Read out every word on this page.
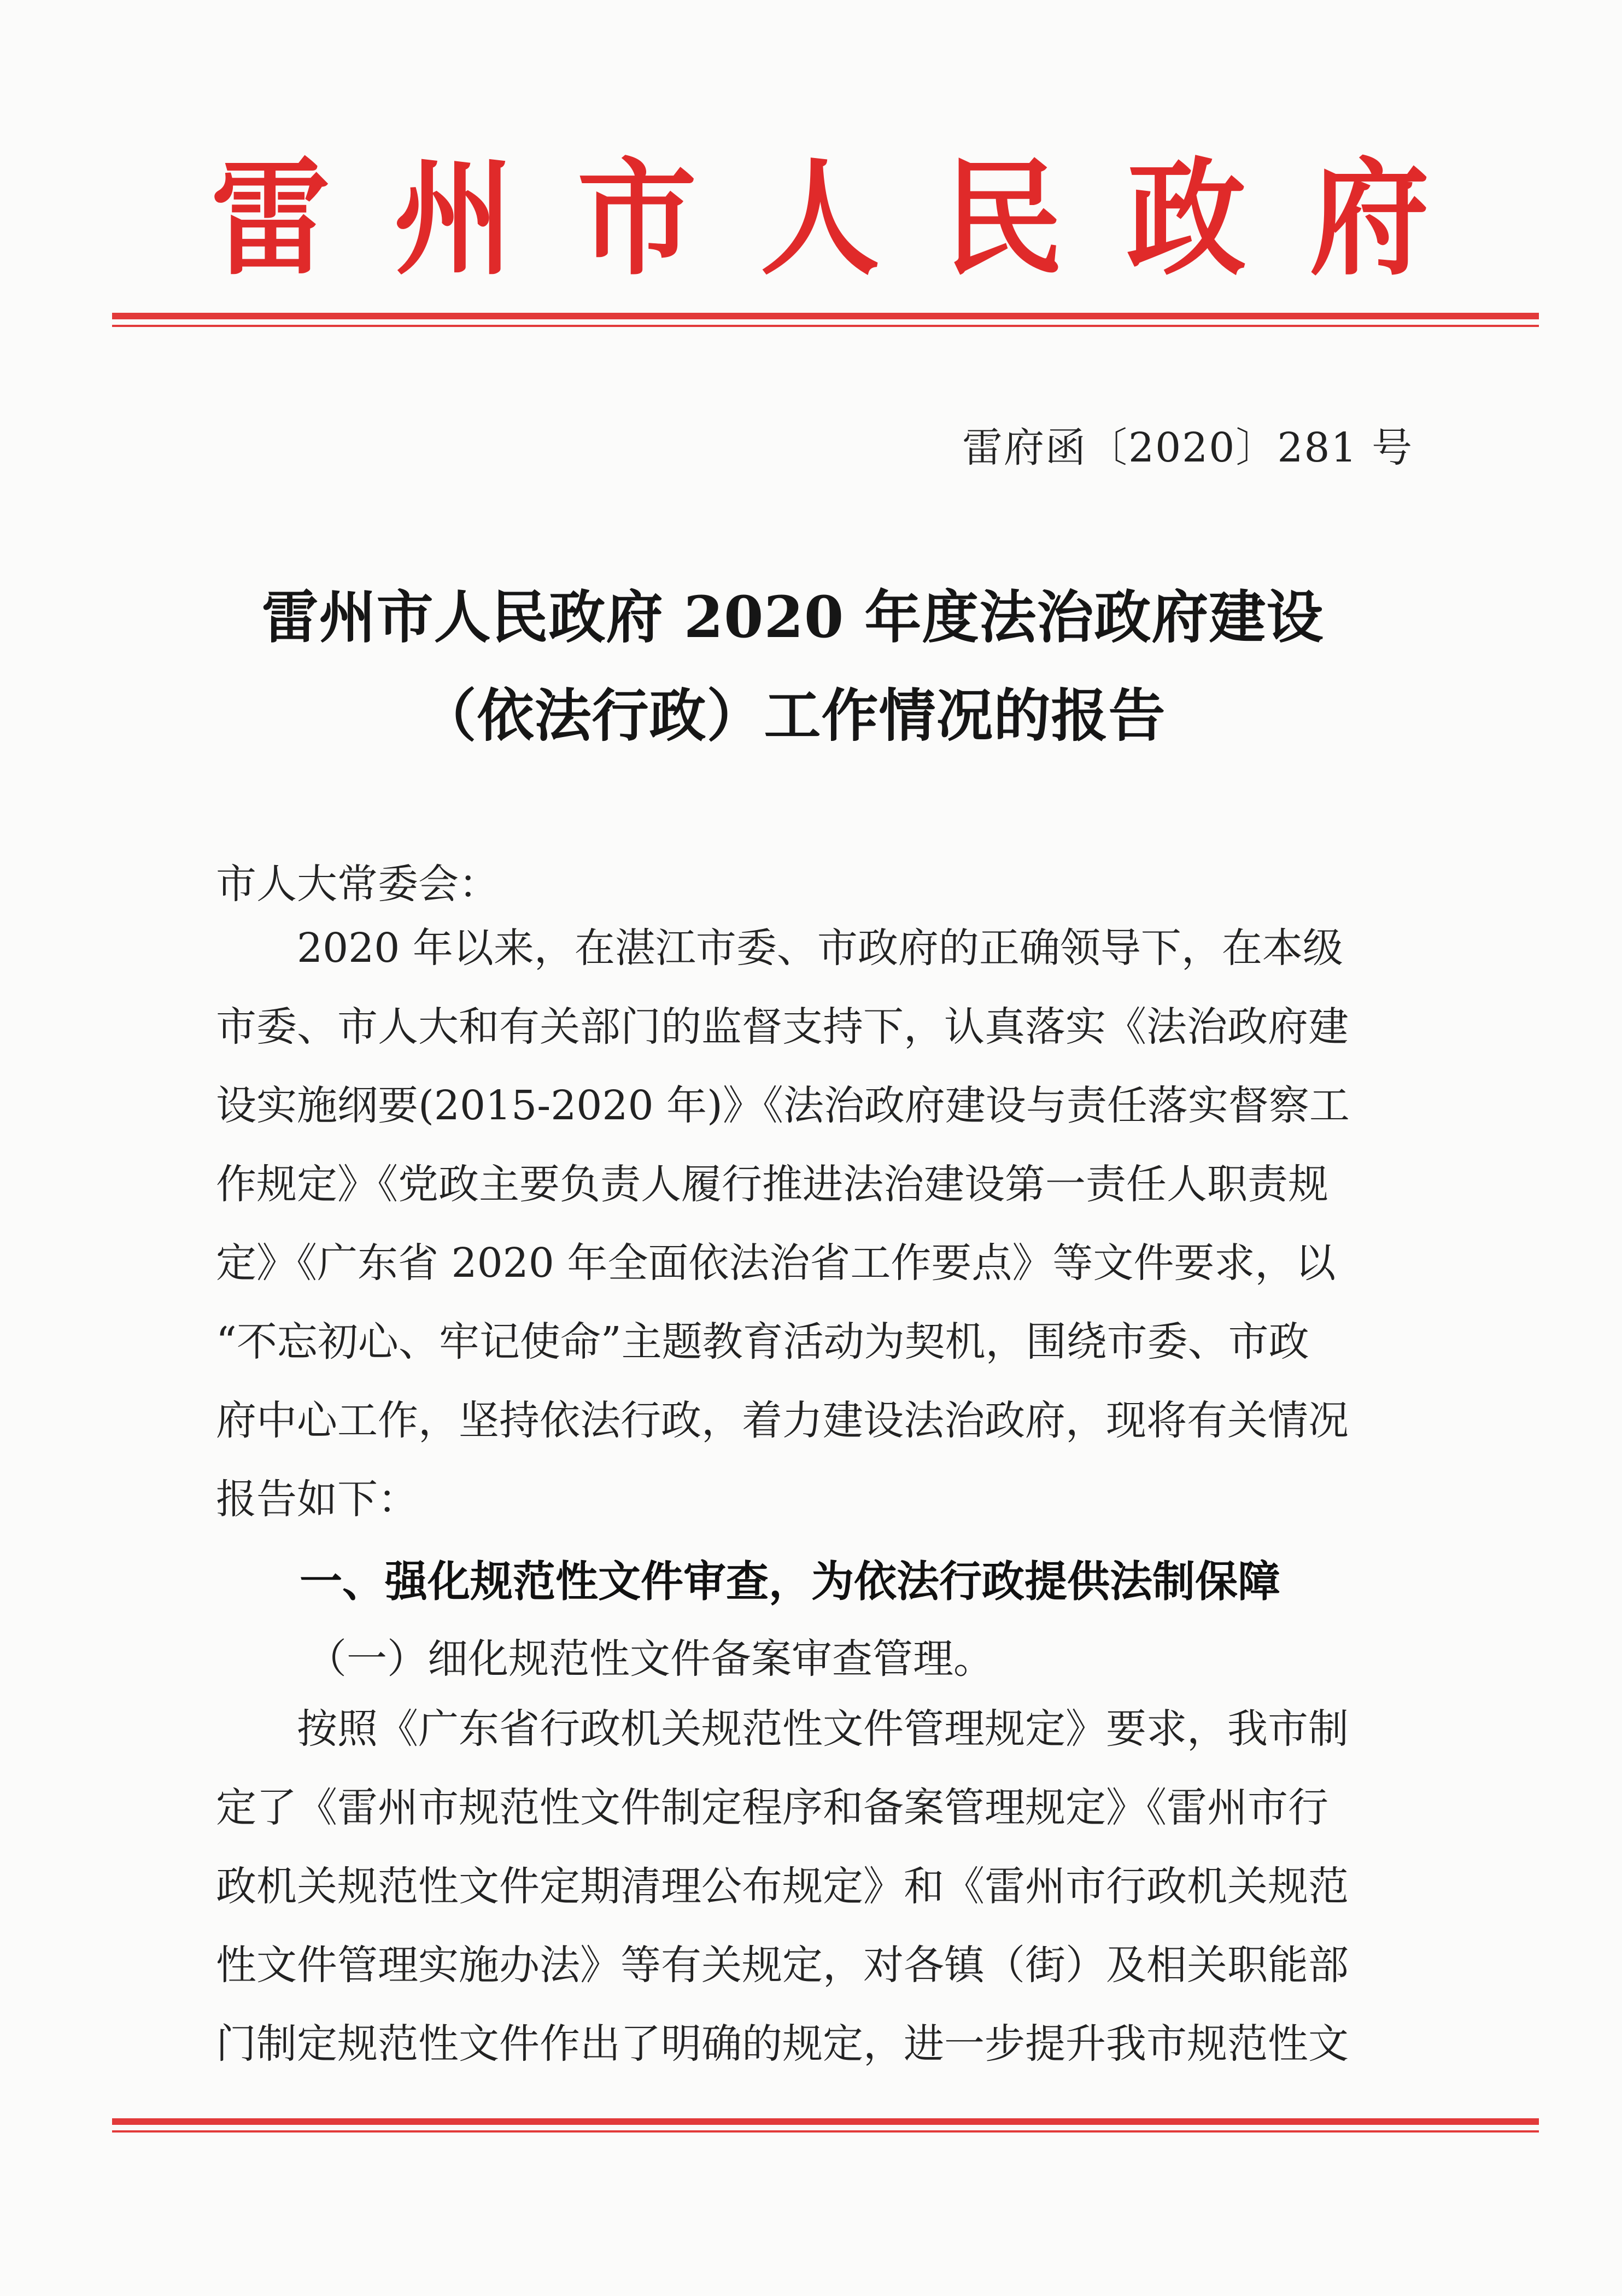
雷 州 市 人 民 政 府
雷府函〔2020〕281 号
雷州市人民政府 2020 年度法治政府建设
（依法行政）工作情况的报告
市人大常委会：
　　2020 年以来，在湛江市委、市政府的正确领导下，在本级
市委、市人大和有关部门的监督支持下，认真落实《法治政府建
设实施纲要(2015-2020 年)》《法治政府建设与责任落实督察工
作规定》《党政主要负责人履行推进法治建设第一责任人职责规
定》《广东省 2020 年全面依法治省工作要点》等文件要求，以
“不忘初心、牢记使命”主题教育活动为契机，围绕市委、市政
府中心工作，坚持依法行政，着力建设法治政府，现将有关情况
报告如下：
一、强化规范性文件审查，为依法行政提供法制保障
（一）细化规范性文件备案审查管理。
　　按照《广东省行政机关规范性文件管理规定》要求，我市制
定了《雷州市规范性文件制定程序和备案管理规定》《雷州市行
政机关规范性文件定期清理公布规定》和《雷州市行政机关规范
性文件管理实施办法》等有关规定，对各镇（街）及相关职能部
门制定规范性文件作出了明确的规定，进一步提升我市规范性文
